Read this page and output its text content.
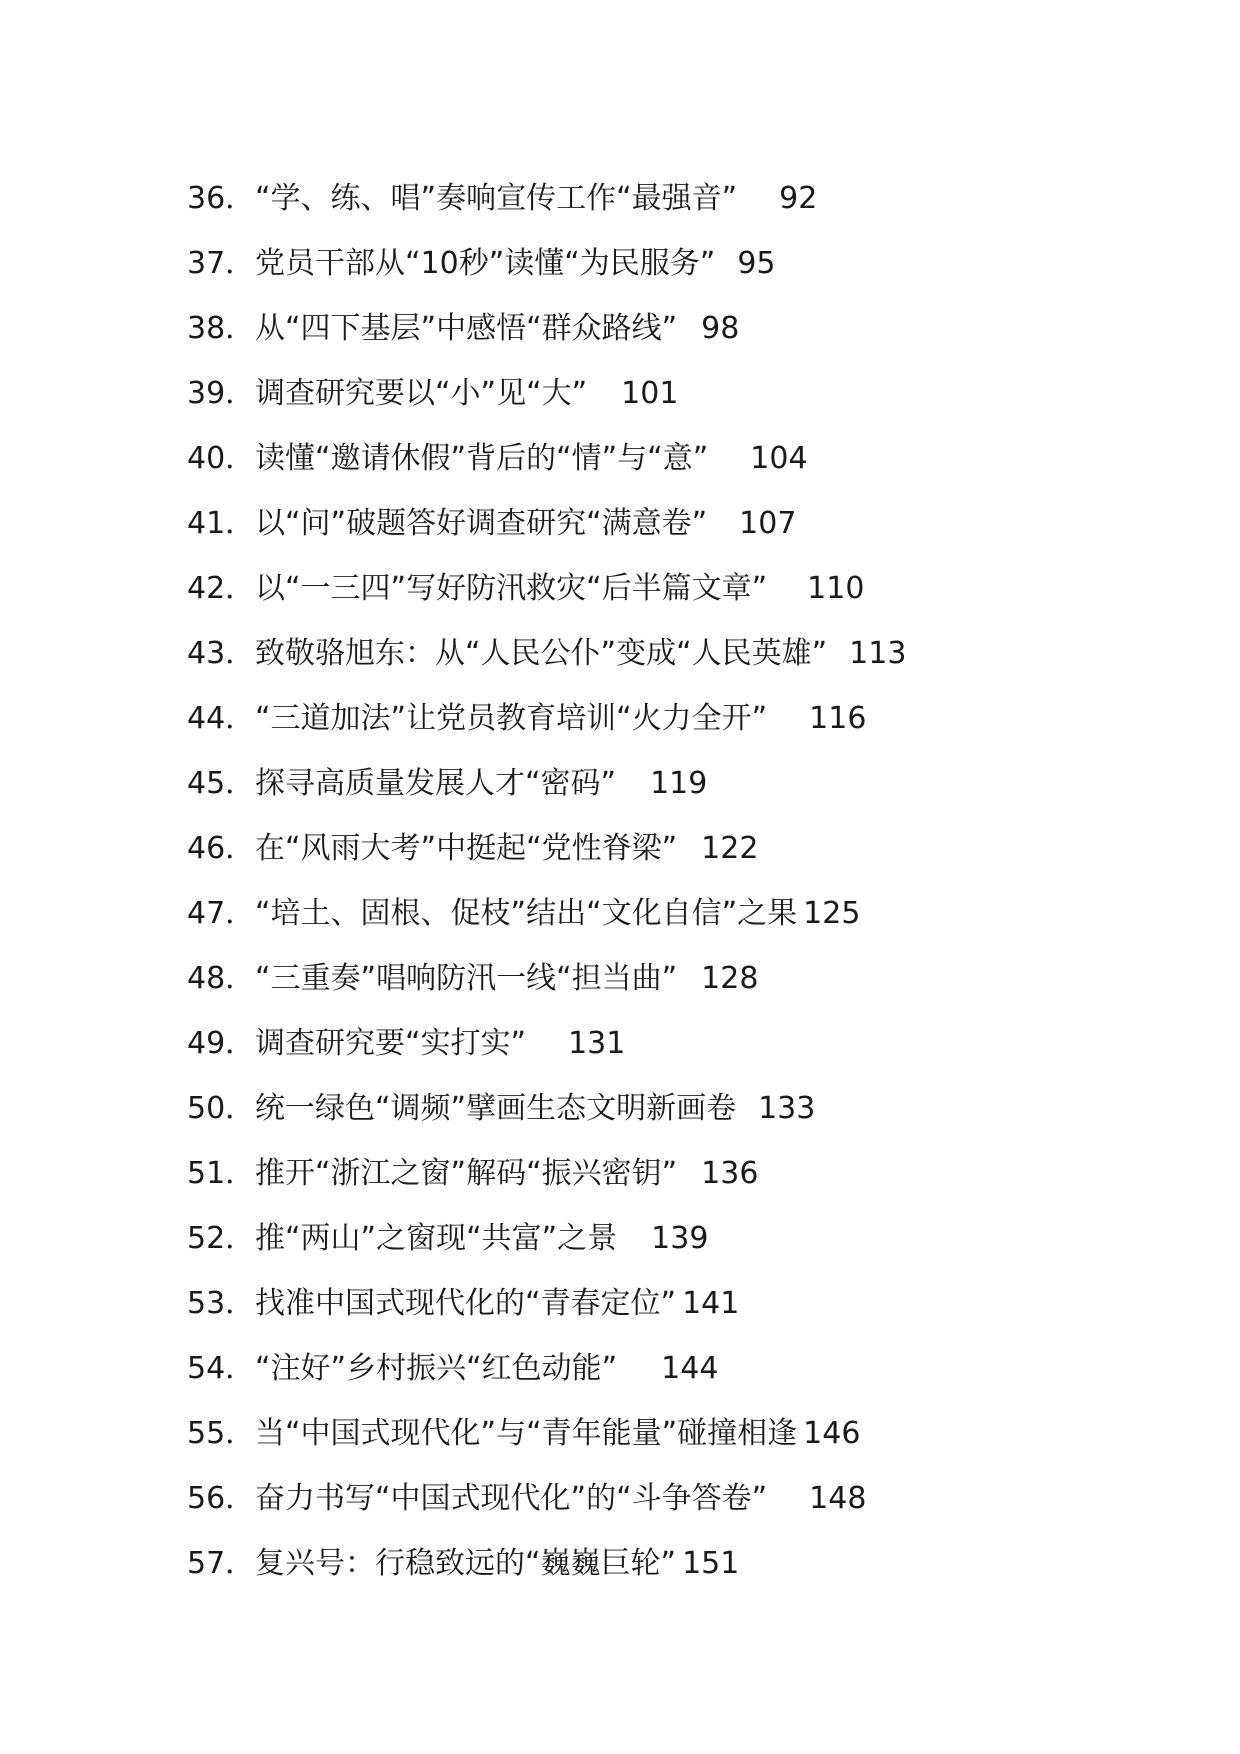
36． “学、练、唱”奏响宣传工作“最强音” 92
37． 党员干部从“10秒”读懂“为民服务” 95
38． 从“四下基层”中感悟“群众路线” 98
39． 调查研究要以“小”见“大” 101
40． 读懂“邀请休假”背后的“情”与“意” 104
41． 以“问”破题答好调查研究“满意卷” 107
42． 以“一三四”写好防汛救灾“后半篇文章” 110
43． 致敬骆旭东：从“人民公仆”变成“人民英雄” 113
44． “三道加法”让党员教育培训“火力全开” 116
45． 探寻高质量发展人才“密码” 119
46． 在“风雨大考”中挺起“党性脊梁” 122
47． “培土、固根、促枝”结出“文化自信”之果 125
48． “三重奏”唱响防汛一线“担当曲” 128
49． 调查研究要“实打实” 131
50． 统一绿色“调频”擘画生态文明新画卷 133
51． 推开“浙江之窗”解码“振兴密钥” 136
52． 推“两山”之窗现“共富”之景 139
53． 找准中国式现代化的“青春定位” 141
54． “注好”乡村振兴“红色动能” 144
55． 当“中国式现代化”与“青年能量”碰撞相逢 146
56． 奋力书写“中国式现代化”的“斗争答卷” 148
57． 复兴号：行稳致远的“巍巍巨轮” 151
